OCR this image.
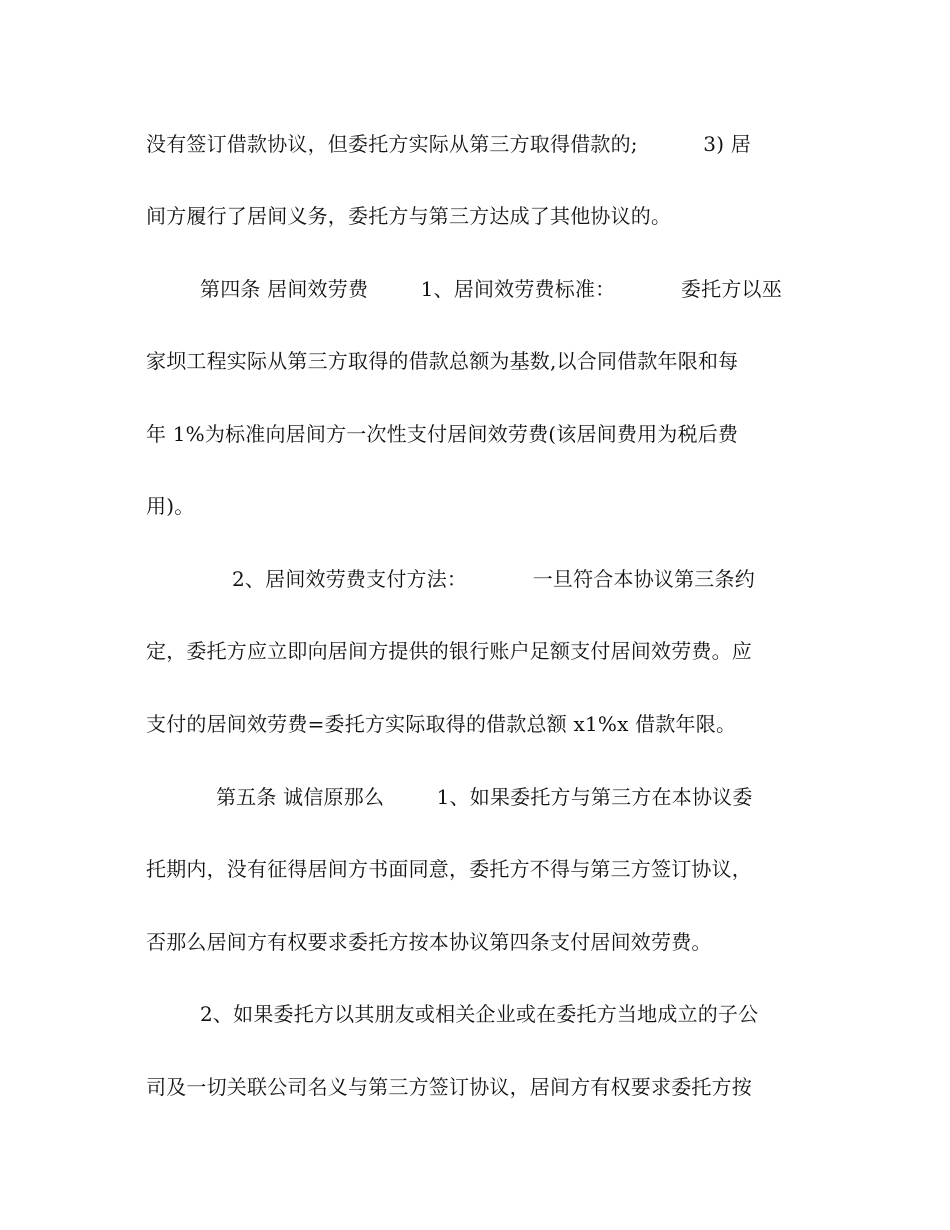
没有签订借款协议，但委托方实际从第三方取得借款的;          3) 居
间方履行了居间义务，委托方与第三方达成了其他协议的。
第四条 居间效劳费        1、居间效劳费标准：          委托方以巫
家坝工程实际从第三方取得的借款总额为基数,以合同借款年限和每
年 1%为标准向居间方一次性支付居间效劳费(该居间费用为税后费
用)。
2、居间效劳费支付方法：          一旦符合本协议第三条约
定，委托方应立即向居间方提供的银行账户足额支付居间效劳费。应
支付的居间效劳费=委托方实际取得的借款总额 x1%x 借款年限。
第五条 诚信原那么        1、如果委托方与第三方在本协议委
托期内，没有征得居间方书面同意，委托方不得与第三方签订协议，
否那么居间方有权要求委托方按本协议第四条支付居间效劳费。
2、如果委托方以其朋友或相关企业或在委托方当地成立的子公
司及一切关联公司名义与第三方签订协议，居间方有权要求委托方按
